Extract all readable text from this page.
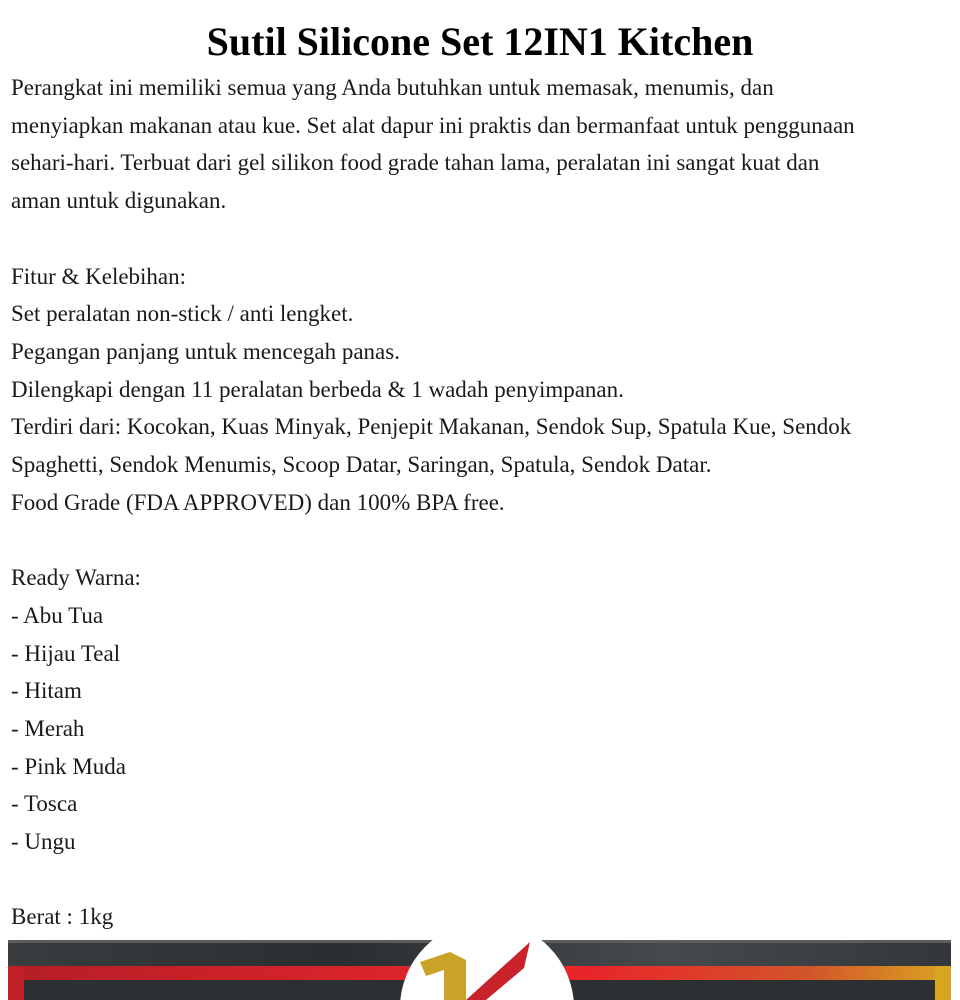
Sutil Silicone Set 12IN1 Kitchen

Perangkat ini memiliki semua yang Anda butuhkan untuk memasak, menumis, dan

menyiapkan makanan atau kue. Set alat dapur ini praktis dan bermanfaat untuk penggunaan

sehari-hari. Terbuat dari gel silikon food grade tahan lama, peralatan ini sangat kuat dan

aman untuk digunakan.

Fitur & Kelebihan:

Set peralatan non-stick / anti lengket.

Pegangan panjang untuk mencegah panas.

Dilengkapi dengan 11 peralatan berbeda & 1 wadah penyimpanan.

Terdiri dari: Kocokan, Kuas Minyak, Penjepit Makanan, Sendok Sup, Spatula Kue, Sendok

Spaghetti, Sendok Menumis, Scoop Datar, Saringan, Spatula, Sendok Datar.

Food Grade (FDA APPROVED) dan 100% BPA free.

Ready Warna:

- Abu Tua

- Hijau Teal

- Hitam

- Merah

- Pink Muda

- Tosca

- Ungu

Berat : 1kg
